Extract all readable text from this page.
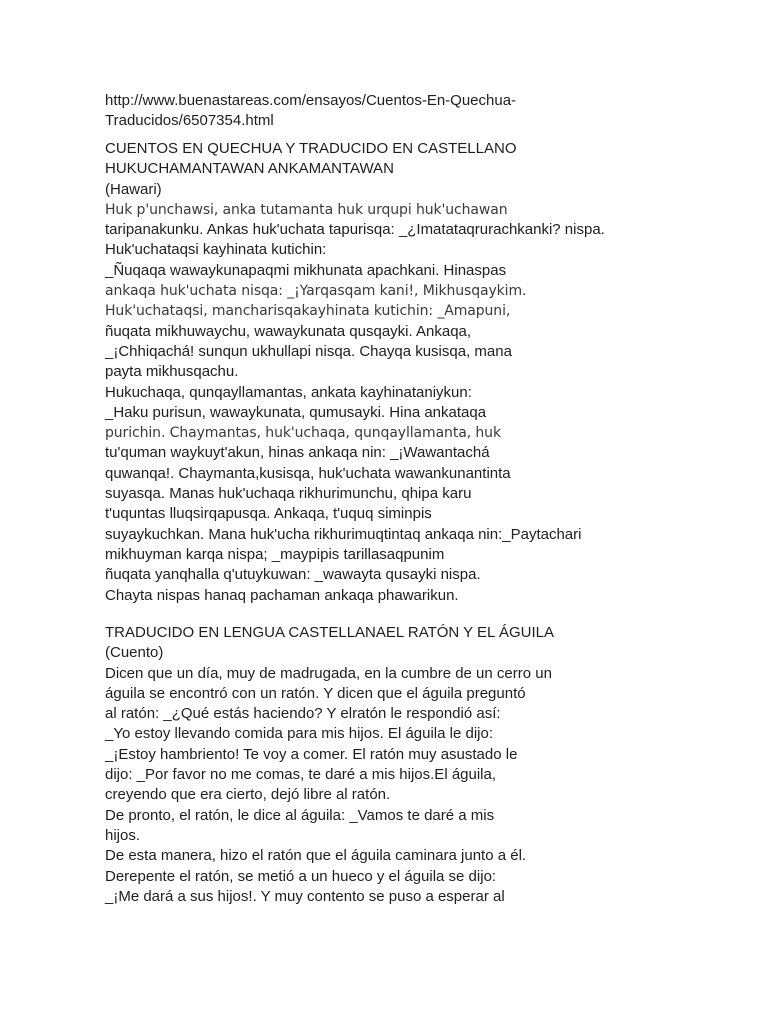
http://www.buenastareas.com/ensayos/Cuentos-En-Quechua-
Traducidos/6507354.html
CUENTOS EN QUECHUA Y TRADUCIDO EN CASTELLANO
HUKUCHAMANTAWAN ANKAMANTAWAN
(Hawari)
Huk p'unchawsi, anka tutamanta huk urqupi huk'uchawan
taripanakunku. Ankas huk'uchata tapurisqa: _¿Imatataqrurachkanki? nispa.
Huk'uchataqsi kayhinata kutichin:
_Ñuqaqa wawaykunapaqmi mikhunata apachkani. Hinaspas
ankaqa huk'uchata nisqa: _¡Yarqasqam kani!, Mikhusqaykim.
Huk'uchataqsi, mancharisqakayhinata kutichin: _Amapuni,
ñuqata mikhuwaychu, wawaykunata qusqayki. Ankaqa,
_¡Chhiqachá! sunqun ukhullapi nisqa. Chayqa kusisqa, mana
payta mikhusqachu.
Hukuchaqa, qunqayllamantas, ankata kayhinataniykun:
_Haku purisun, wawaykunata, qumusayki. Hina ankataqa
purichin. Chaymantas, huk'uchaqa, qunqayllamanta, huk
tu'quman waykuyt'akun, hinas ankaqa nin: _¡Wawantachá
quwanqa!. Chaymanta,kusisqa, huk'uchata wawankunantinta
suyasqa. Manas huk'uchaqa rikhurimunchu, qhipa karu
t'uquntas lluqsirqapusqa. Ankaqa, t'uquq siminpis
suyaykuchkan. Mana huk'ucha rikhurimuqtintaq ankaqa nin:_Paytachari
mikhuyman karqa nispa; _maypipis tarillasaqpunim
ñuqata yanqhalla q'utuykuwan: _wawayta qusayki nispa.
Chayta nispas hanaq pachaman ankaqa phawarikun.
TRADUCIDO EN LENGUA CASTELLANAEL RATÓN Y EL ÁGUILA
(Cuento)
Dicen que un día, muy de madrugada, en la cumbre de un cerro un
águila se encontró con un ratón. Y dicen que el águila preguntó
al ratón: _¿Qué estás haciendo? Y elratón le respondió así:
_Yo estoy llevando comida para mis hijos. El águila le dijo:
_¡Estoy hambriento! Te voy a comer. El ratón muy asustado le
dijo: _Por favor no me comas, te daré a mis hijos.El águila,
creyendo que era cierto, dejó libre al ratón.
De pronto, el ratón, le dice al águila: _Vamos te daré a mis
hijos.
De esta manera, hizo el ratón que el águila caminara junto a él.
Derepente el ratón, se metió a un hueco y el águila se dijo:
_¡Me dará a sus hijos!. Y muy contento se puso a esperar al
